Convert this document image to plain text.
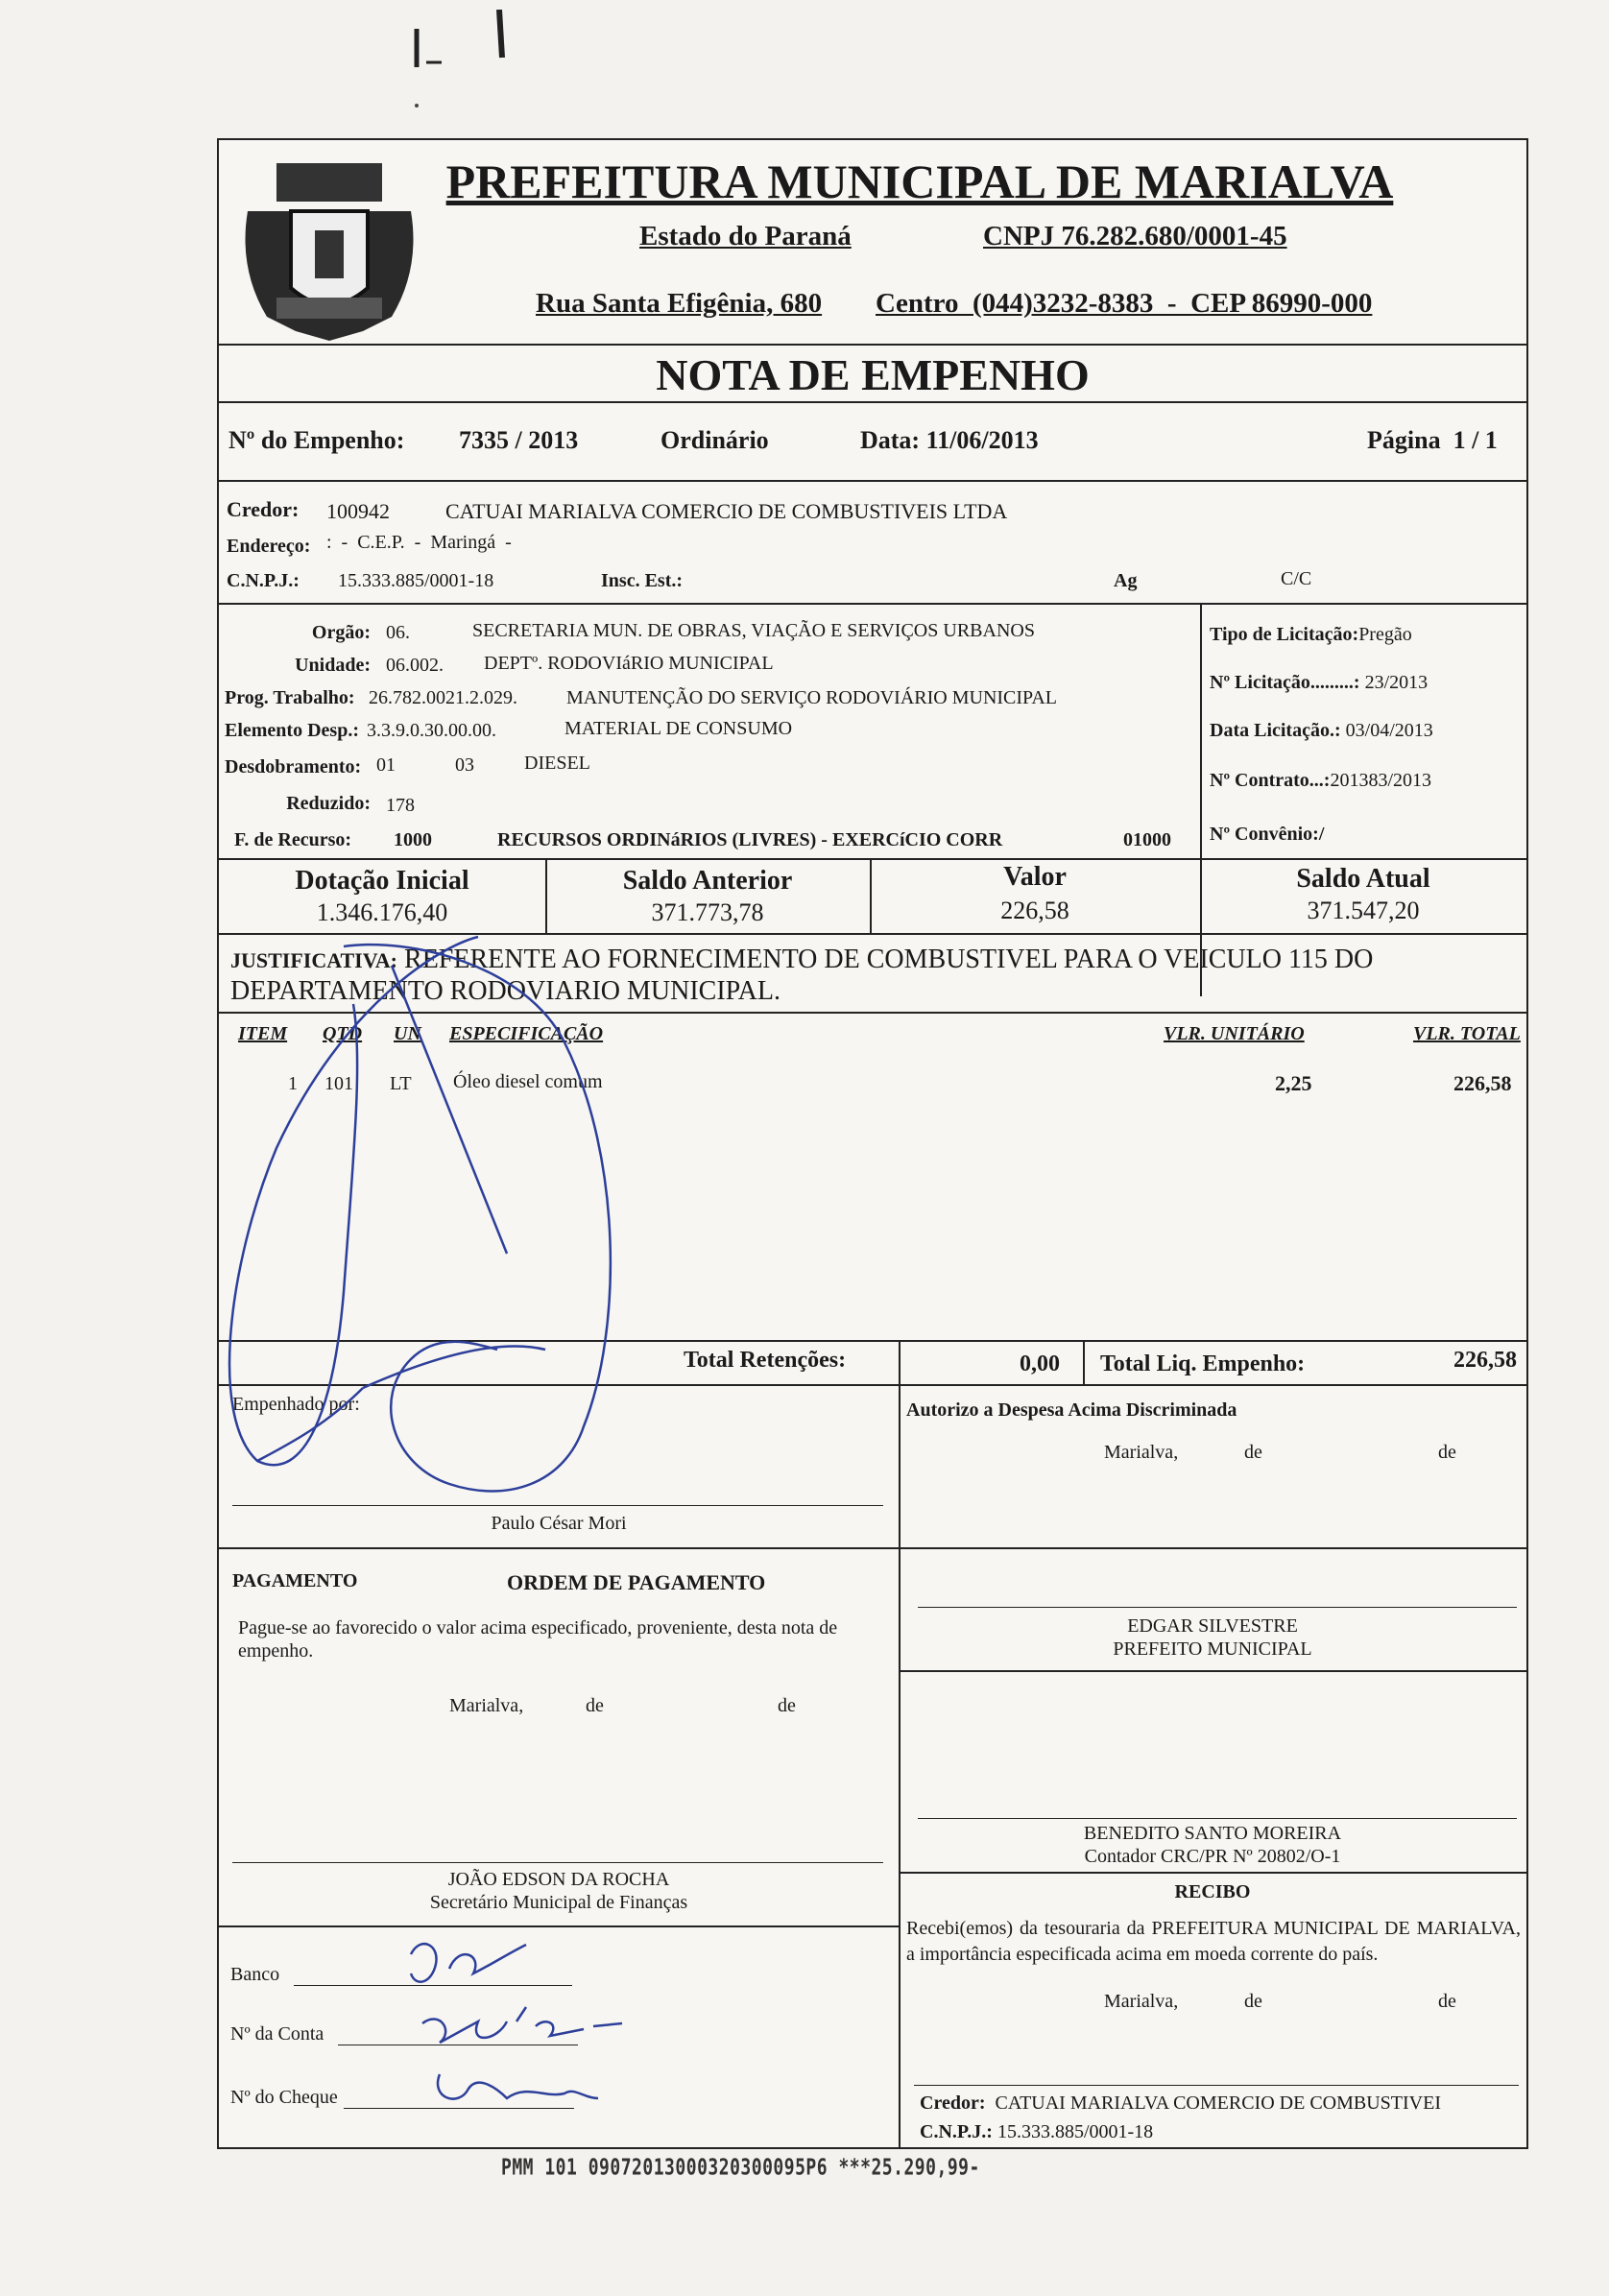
PREFEITURA MUNICIPAL DE MARIALVA
Estado do Paraná	CNPJ 76.282.680/0001-45
Rua Santa Efigênia, 680 Centro  (044)3232-8383  -  CEP 86990-000
NOTA DE EMPENHO
Nº do Empenho: 7335 / 2013	Ordinário	Data: 11/06/2013	Página  1 / 1
Credor: 100942	CATUAI MARIALVA COMERCIO DE COMBUSTIVEIS LTDA
Endereço: :  -  C.E.P.  -  Maringá  -
C.N.P.J.: 15.333.885/0001-18	Insc. Est.:	Ag	C/C
Orgão: 06.	SECRETARIA MUN. DE OBRAS, VIAÇÃO E SERVIÇOS URBANOS
Unidade: 06.002. DEPTº. RODOVIáRIO MUNICIPAL
Prog. Trabalho: 26.782.0021.2.029.	MANUTENÇÃO DO SERVIÇO RODOVIÁRIO MUNICIPAL
Elemento Desp.: 3.3.9.0.30.00.00.	MATERIAL DE CONSUMO
Desdobramento: 01	03	DIESEL
Reduzido: 178
F. de Recurso: 1000	RECURSOS ORDINáRIOS (LIVRES) - EXERCíCIO CORR	01000
Tipo de Licitação:Pregão
Nº Licitação.........: 23/2013
Data Licitação.: 03/04/2013
Nº Contrato...:201383/2013
Nº Convênio:/
Dotação Inicial
1.346.176,40
Saldo Anterior
371.773,78
Valor
226,58
Saldo Atual
371.547,20
JUSTIFICATIVA: REFERENTE AO FORNECIMENTO DE COMBUSTIVEL PARA O VEICULO 115 DO
DEPARTAMENTO RODOVIARIO MUNICIPAL.
ITEM QTD UN ESPECIFICAÇÃO	VLR. UNITÁRIO	VLR. TOTAL
1 101 LT Óleo diesel comum	2,25	226,58
Total Retenções:	0,00 Total Liq. Empenho:	226,58
Empenhado por:
Paulo César Mori
Autorizo a Despesa Acima Discriminada
Marialva,	de	de
PAGAMENTO	ORDEM DE PAGAMENTO
Pague-se ao favorecido o valor acima especificado, proveniente, desta nota de empenho.
Marialva,	de	de
EDGAR SILVESTRE
PREFEITO MUNICIPAL
BENEDITO SANTO MOREIRA
Contador CRC/PR Nº 20802/O-1
JOÃO EDSON DA ROCHA
Secretário Municipal de Finanças	RECIBO
Recebi(emos) da tesouraria da PREFEITURA MUNICIPAL DE MARIALVA, a importância especificada acima em moeda corrente do país.
Marialva,	de	de
Banco
Nº da Conta
Nº do Cheque	Credor: CATUAI MARIALVA COMERCIO DE COMBUSTIVEI
C.N.P.J.: 15.333.885/0001-18
PMM 101 09072013000320300095P6 ***25.290,99-
